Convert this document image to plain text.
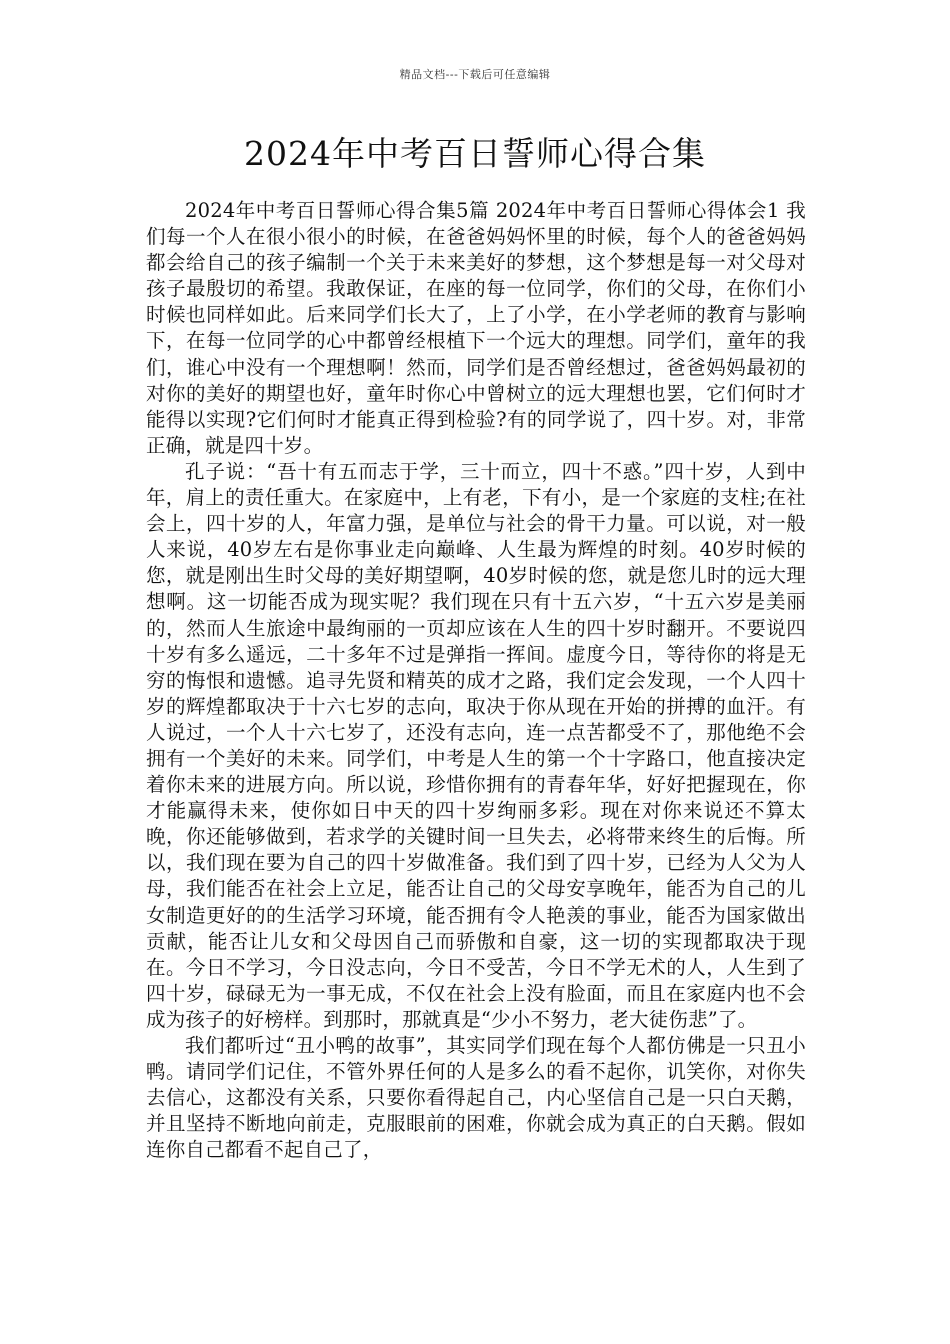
精品文档---下载后可任意编辑
2024年中考百日誓师心得合集

2024年中考百日誓师心得合集5篇 2024年中考百日誓师心得体会1 我们每一个人在很小很小的时候，在爸爸妈妈怀里的时候，每个人的爸爸妈妈都会给自己的孩子编制一个关于未来美好的梦想，这个梦想是每一对父母对孩子最殷切的希望。我敢保证，在座的每一位同学，你们的父母，在你们小时候也同样如此。后来同学们长大了，上了小学，在小学老师的教育与影响下，在每一位同学的心中都曾经根植下一个远大的理想。同学们，童年的我们，谁心中没有一个理想啊！然而，同学们是否曾经想过，爸爸妈妈最初的对你的美好的期望也好，童年时你心中曾树立的远大理想也罢，它们何时才能得以实现?它们何时才能真正得到检验?有的同学说了，四十岁。对，非常正确，就是四十岁。

孔子说：“吾十有五而志于学，三十而立，四十不惑。”四十岁，人到中年，肩上的责任重大。在家庭中，上有老，下有小，是一个家庭的支柱;在社会上，四十岁的人，年富力强，是单位与社会的骨干力量。可以说，对一般人来说，40岁左右是你事业走向巅峰、人生最为辉煌的时刻。40岁时候的您，就是刚出生时父母的美好期望啊，40岁时候的您，就是您儿时的远大理想啊。这一切能否成为现实呢？我们现在只有十五六岁，“十五六岁是美丽的，然而人生旅途中最绚丽的一页却应该在人生的四十岁时翻开。不要说四十岁有多么遥远，二十多年不过是弹指一挥间。虚度今日，等待你的将是无穷的悔恨和遗憾。追寻先贤和精英的成才之路，我们定会发现，一个人四十岁的辉煌都取决于十六七岁的志向，取决于你从现在开始的拼搏的血汗。有人说过，一个人十六七岁了，还没有志向，连一点苦都受不了，那他绝不会拥有一个美好的未来。同学们，中考是人生的第一个十字路口，他直接决定着你未来的进展方向。所以说，珍惜你拥有的青春年华，好好把握现在，你才能赢得未来，使你如日中天的四十岁绚丽多彩。现在对你来说还不算太晚，你还能够做到，若求学的关键时间一旦失去，必将带来终生的后悔。所以，我们现在要为自己的四十岁做准备。我们到了四十岁，已经为人父为人母，我们能否在社会上立足，能否让自己的父母安享晚年，能否为自己的儿女制造更好的的生活学习环境，能否拥有令人艳羡的事业，能否为国家做出贡献，能否让儿女和父母因自己而骄傲和自豪，这一切的实现都取决于现在。今日不学习，今日没志向，今日不受苦，今日不学无术的人，人生到了四十岁，碌碌无为一事无成，不仅在社会上没有脸面，而且在家庭内也不会成为孩子的好榜样。到那时，那就真是“少小不努力，老大徒伤悲”了。

我们都听过“丑小鸭的故事”，其实同学们现在每个人都仿佛是一只丑小鸭。请同学们记住，不管外界任何的人是多么的看不起你，讥笑你，对你失去信心，这都没有关系，只要你看得起自己，内心坚信自己是一只白天鹅，并且坚持不断地向前走，克服眼前的困难，你就会成为真正的白天鹅。假如连你自己都看不起自己了，
